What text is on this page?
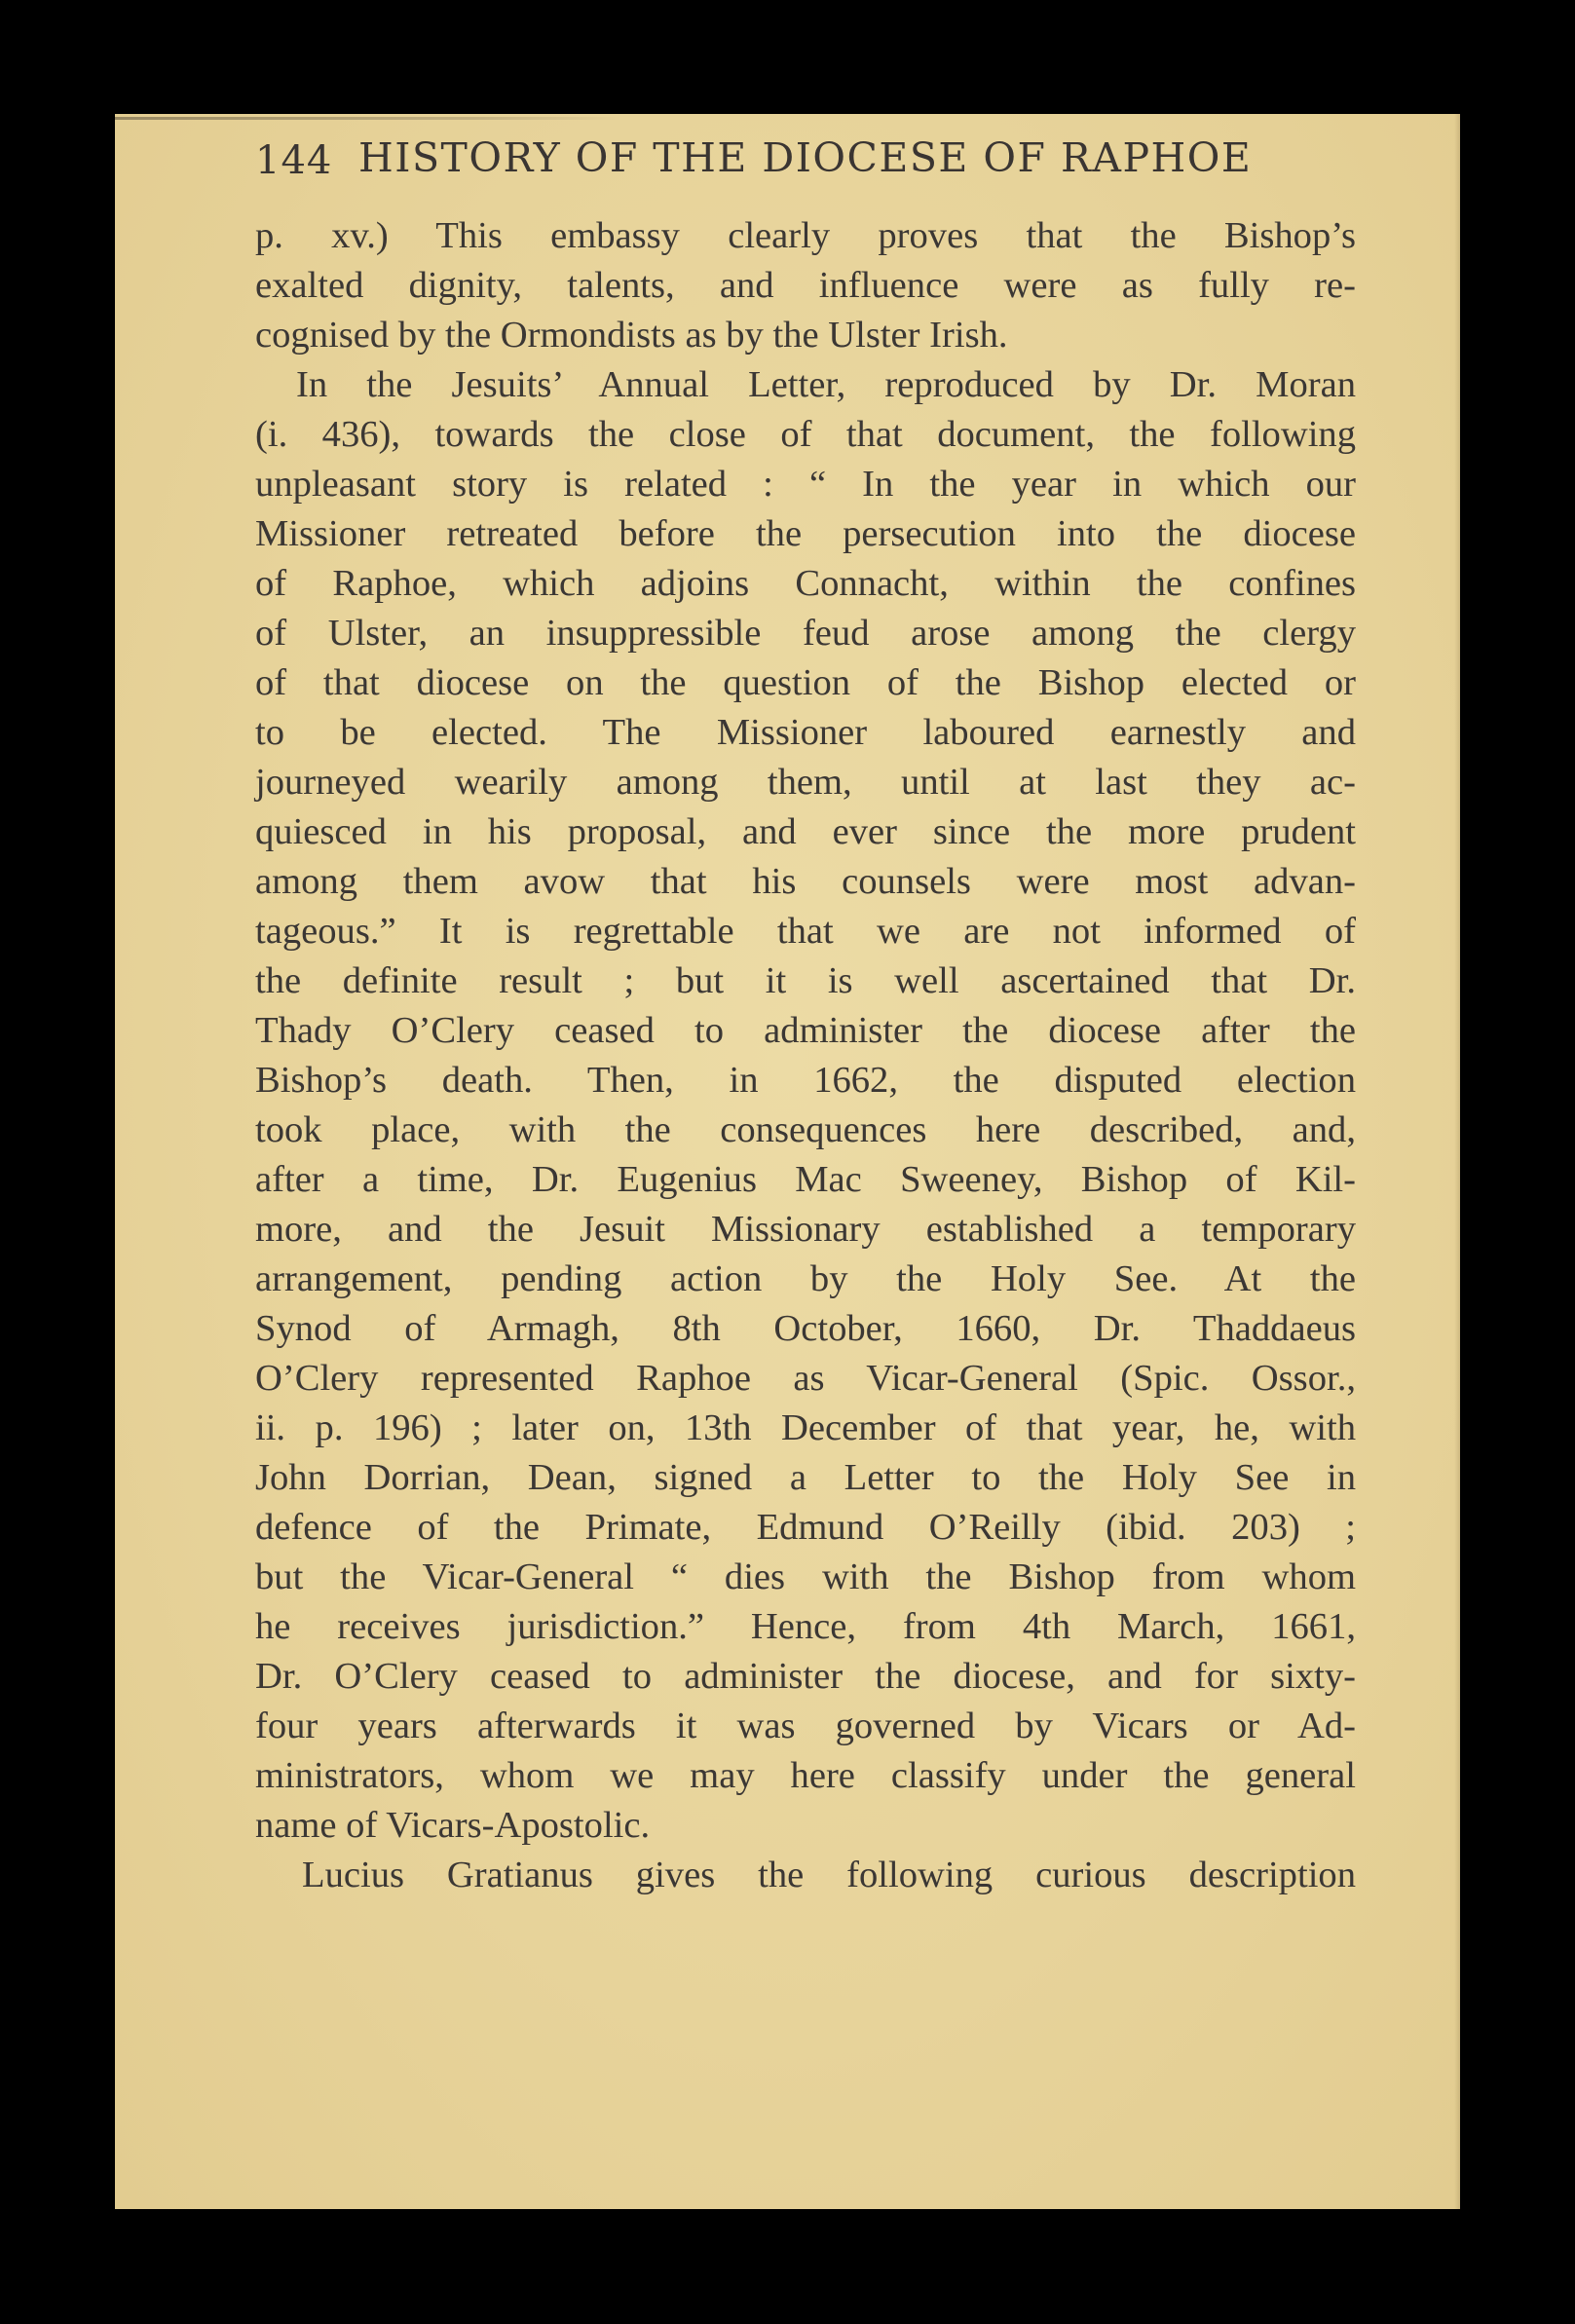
144 HISTORY OF THE DIOCESE OF RAPHOE
p. xv.) This embassy clearly proves that the Bishop’s
exalted dignity, talents, and influence were as fully re-
cognised by the Ormondists as by the Ulster Irish.
In the Jesuits’ Annual Letter, reproduced by Dr. Moran
(i. 436), towards the close of that document, the following
unpleasant story is related : “ In the year in which our
Missioner retreated before the persecution into the diocese
of Raphoe, which adjoins Connacht, within the confines
of Ulster, an insuppressible feud arose among the clergy
of that diocese on the question of the Bishop elected or
to be elected. The Missioner laboured earnestly and
journeyed wearily among them, until at last they ac-
quiesced in his proposal, and ever since the more prudent
among them avow that his counsels were most advan-
tageous.” It is regrettable that we are not informed of
the definite result ; but it is well ascertained that Dr.
Thady O’Clery ceased to administer the diocese after the
Bishop’s death. Then, in 1662, the disputed election
took place, with the consequences here described, and,
after a time, Dr. Eugenius Mac Sweeney, Bishop of Kil-
more, and the Jesuit Missionary established a temporary
arrangement, pending action by the Holy See. At the
Synod of Armagh, 8th October, 1660, Dr. Thaddaeus
O’Clery represented Raphoe as Vicar-General (Spic. Ossor.,
ii. p. 196) ; later on, 13th December of that year, he, with
John Dorrian, Dean, signed a Letter to the Holy See in
defence of the Primate, Edmund O’Reilly (ibid. 203) ;
but the Vicar-General “ dies with the Bishop from whom
he receives jurisdiction.” Hence, from 4th March, 1661,
Dr. O’Clery ceased to administer the diocese, and for sixty-
four years afterwards it was governed by Vicars or Ad-
ministrators, whom we may here classify under the general
name of Vicars-Apostolic.
Lucius Gratianus gives the following curious description
